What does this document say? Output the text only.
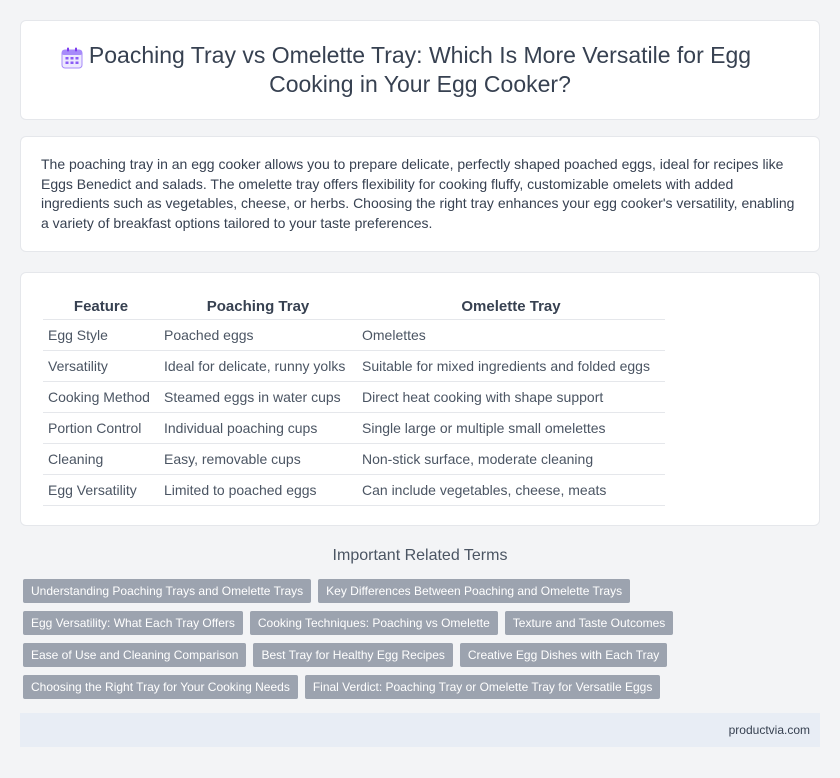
Poaching Tray vs Omelette Tray: Which Is More Versatile for Egg Cooking in Your Egg Cooker?

The poaching tray in an egg cooker allows you to prepare delicate, perfectly shaped poached eggs, ideal for recipes like Eggs Benedict and salads. The omelette tray offers flexibility for cooking fluffy, customizable omelets with added ingredients such as vegetables, cheese, or herbs. Choosing the right tray enhances your egg cooker's versatility, enabling a variety of breakfast options tailored to your taste preferences.

Feature	Poaching Tray	Omelette Tray
Egg Style	Poached eggs	Omelettes
Versatility	Ideal for delicate, runny yolks	Suitable for mixed ingredients and folded eggs
Cooking Method	Steamed eggs in water cups	Direct heat cooking with shape support
Portion Control	Individual poaching cups	Single large or multiple small omelettes
Cleaning	Easy, removable cups	Non-stick surface, moderate cleaning
Egg Versatility	Limited to poached eggs	Can include vegetables, cheese, meats
Important Related Terms
Understanding Poaching Trays and Omelette Trays	Key Differences Between Poaching and Omelette Trays
Egg Versatility: What Each Tray Offers	Cooking Techniques: Poaching vs Omelette	Texture and Taste Outcomes
Ease of Use and Cleaning Comparison	Best Tray for Healthy Egg Recipes	Creative Egg Dishes with Each Tray
Choosing the Right Tray for Your Cooking Needs	Final Verdict: Poaching Tray or Omelette Tray for Versatile Eggs
productvia.com
